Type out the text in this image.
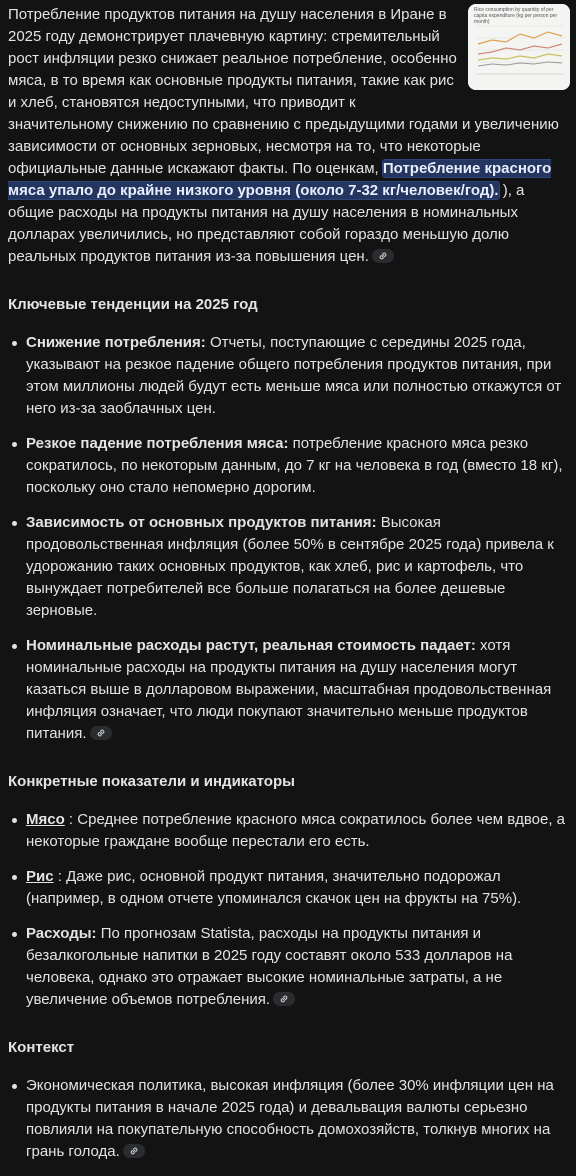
Rice consumption by quantity of per capita expenditure (kg per person per month)

Потребление продуктов питания на душу населения в Иране в 2025 году демонстрирует плачевную картину: стремительный рост инфляции резко снижает реальное потребление, особенно мяса, в то время как основные продукты питания, такие как рис и хлеб, становятся недоступными, что приводит к значительному снижению по сравнению с предыдущими годами и увеличению зависимости от основных зерновых, несмотря на то, что некоторые официальные данные искажают факты. По оценкам, Потребление красного мяса упало до крайне низкого уровня (около 7-32 кг/человек/год). ), а общие расходы на продукты питания на душу населения в номинальных долларах увеличились, но представляют собой гораздо меньшую долю реальных продуктов питания из-за повышения цен.

Ключевые тенденции на 2025 год
Снижение потребления: Отчеты, поступающие с середины 2025 года, указывают на резкое падение общего потребления продуктов питания, при этом миллионы людей будут есть меньше мяса или полностью откажутся от него из-за заоблачных цен.
Резкое падение потребления мяса: потребление красного мяса резко сократилось, по некоторым данным, до 7 кг на человека в год (вместо 18 кг), поскольку оно стало непомерно дорогим.
Зависимость от основных продуктов питания: Высокая продовольственная инфляция (более 50% в сентябре 2025 года) привела к удорожанию таких основных продуктов, как хлеб, рис и картофель, что вынуждает потребителей все больше полагаться на более дешевые зерновые.
Номинальные расходы растут, реальная стоимость падает: хотя номинальные расходы на продукты питания на душу населения могут казаться выше в долларовом выражении, масштабная продовольственная инфляция означает, что люди покупают значительно меньше продуктов питания.
Конкретные показатели и индикаторы
Мясо : Среднее потребление красного мяса сократилось более чем вдвое, а некоторые граждане вообще перестали его есть.
Рис : Даже рис, основной продукт питания, значительно подорожал (например, в одном отчете упоминался скачок цен на фрукты на 75%).
Расходы: По прогнозам Statista, расходы на продукты питания и безалкогольные напитки в 2025 году составят около 533 долларов на человека, однако это отражает высокие номинальные затраты, а не увеличение объемов потребления.
Контекст
Экономическая политика, высокая инфляция (более 30% инфляции цен на продукты питания в начале 2025 года) и девальвация валюты серьезно повлияли на покупательную способность домохозяйств, толкнув многих на грань голода.
